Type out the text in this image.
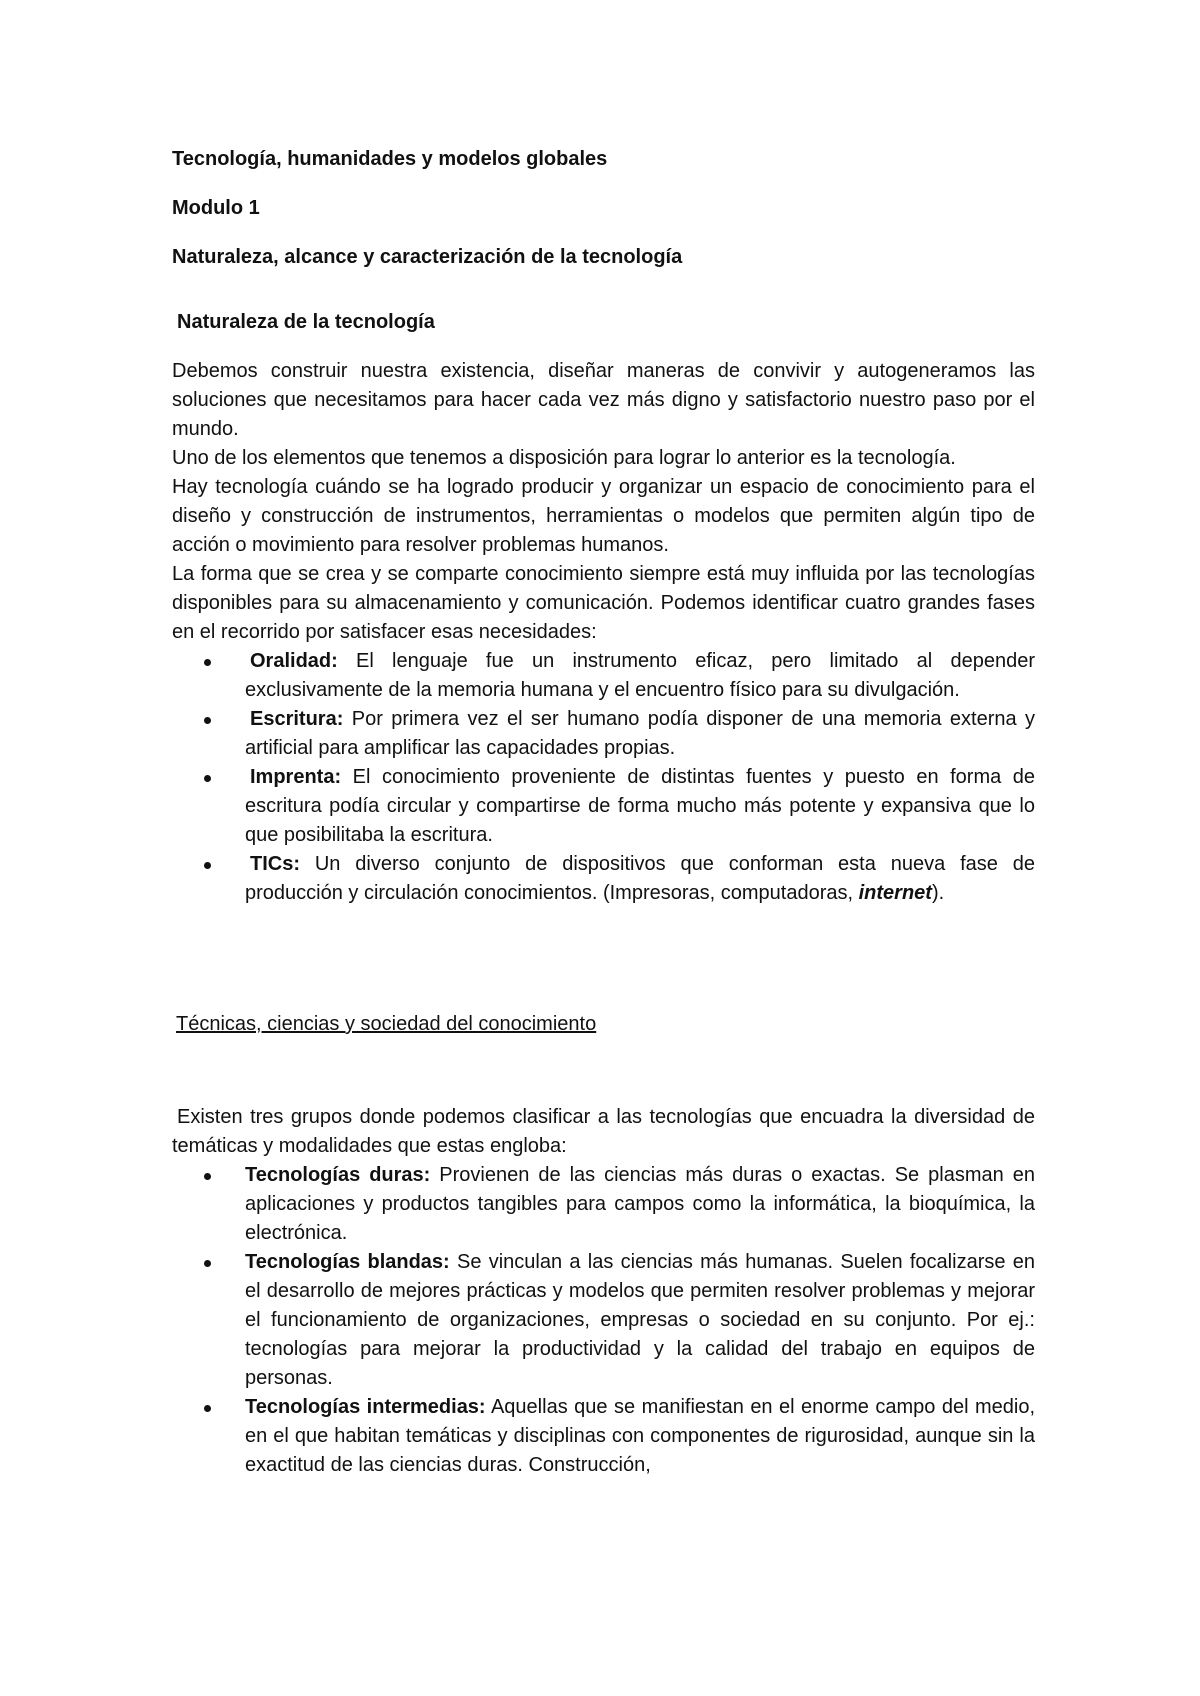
Tecnología, humanidades y modelos globales
Modulo 1
Naturaleza, alcance y caracterización de la tecnología
Naturaleza de la tecnología

Debemos construir nuestra existencia, diseñar maneras de convivir y autogeneramos las soluciones que necesitamos para hacer cada vez más digno y satisfactorio nuestro paso por el mundo.

Uno de los elementos que tenemos a disposición para lograr lo anterior es la tecnología.

Hay tecnología cuándo se ha logrado producir y organizar un espacio de conocimiento para el diseño y construcción de instrumentos, herramientas o modelos que permiten algún tipo de acción o movimiento para resolver problemas humanos.

La forma que se crea y se comparte conocimiento siempre está muy influida por las tecnologías disponibles para su almacenamiento y comunicación. Podemos identificar cuatro grandes fases en el recorrido por satisfacer esas necesidades:

Oralidad: El lenguaje fue un instrumento eficaz, pero limitado al depender exclusivamente de la memoria humana y el encuentro físico para su divulgación.
Escritura: Por primera vez el ser humano podía disponer de una memoria externa y artificial para amplificar las capacidades propias.
Imprenta: El conocimiento proveniente de distintas fuentes y puesto en forma de escritura podía circular y compartirse de forma mucho más potente y expansiva que lo que posibilitaba la escritura.
TICs: Un diverso conjunto de dispositivos que conforman esta nueva fase de producción y circulación conocimientos. (Impresoras, computadoras, internet).
Técnicas, ciencias y sociedad del conocimiento

Existen tres grupos donde podemos clasificar a las tecnologías que encuadra la diversidad de temáticas y modalidades que estas engloba:

Tecnologías duras: Provienen de las ciencias más duras o exactas. Se plasman en aplicaciones y productos tangibles para campos como la informática, la bioquímica, la electrónica.
Tecnologías blandas: Se vinculan a las ciencias más humanas. Suelen focalizarse en el desarrollo de mejores prácticas y modelos que permiten resolver problemas y mejorar el funcionamiento de organizaciones, empresas o sociedad en su conjunto. Por ej.: tecnologías para mejorar la productividad y la calidad del trabajo en equipos de personas.
Tecnologías intermedias: Aquellas que se manifiestan en el enorme campo del medio, en el que habitan temáticas y disciplinas con componentes de rigurosidad, aunque sin la exactitud de las ciencias duras. Construcción,
